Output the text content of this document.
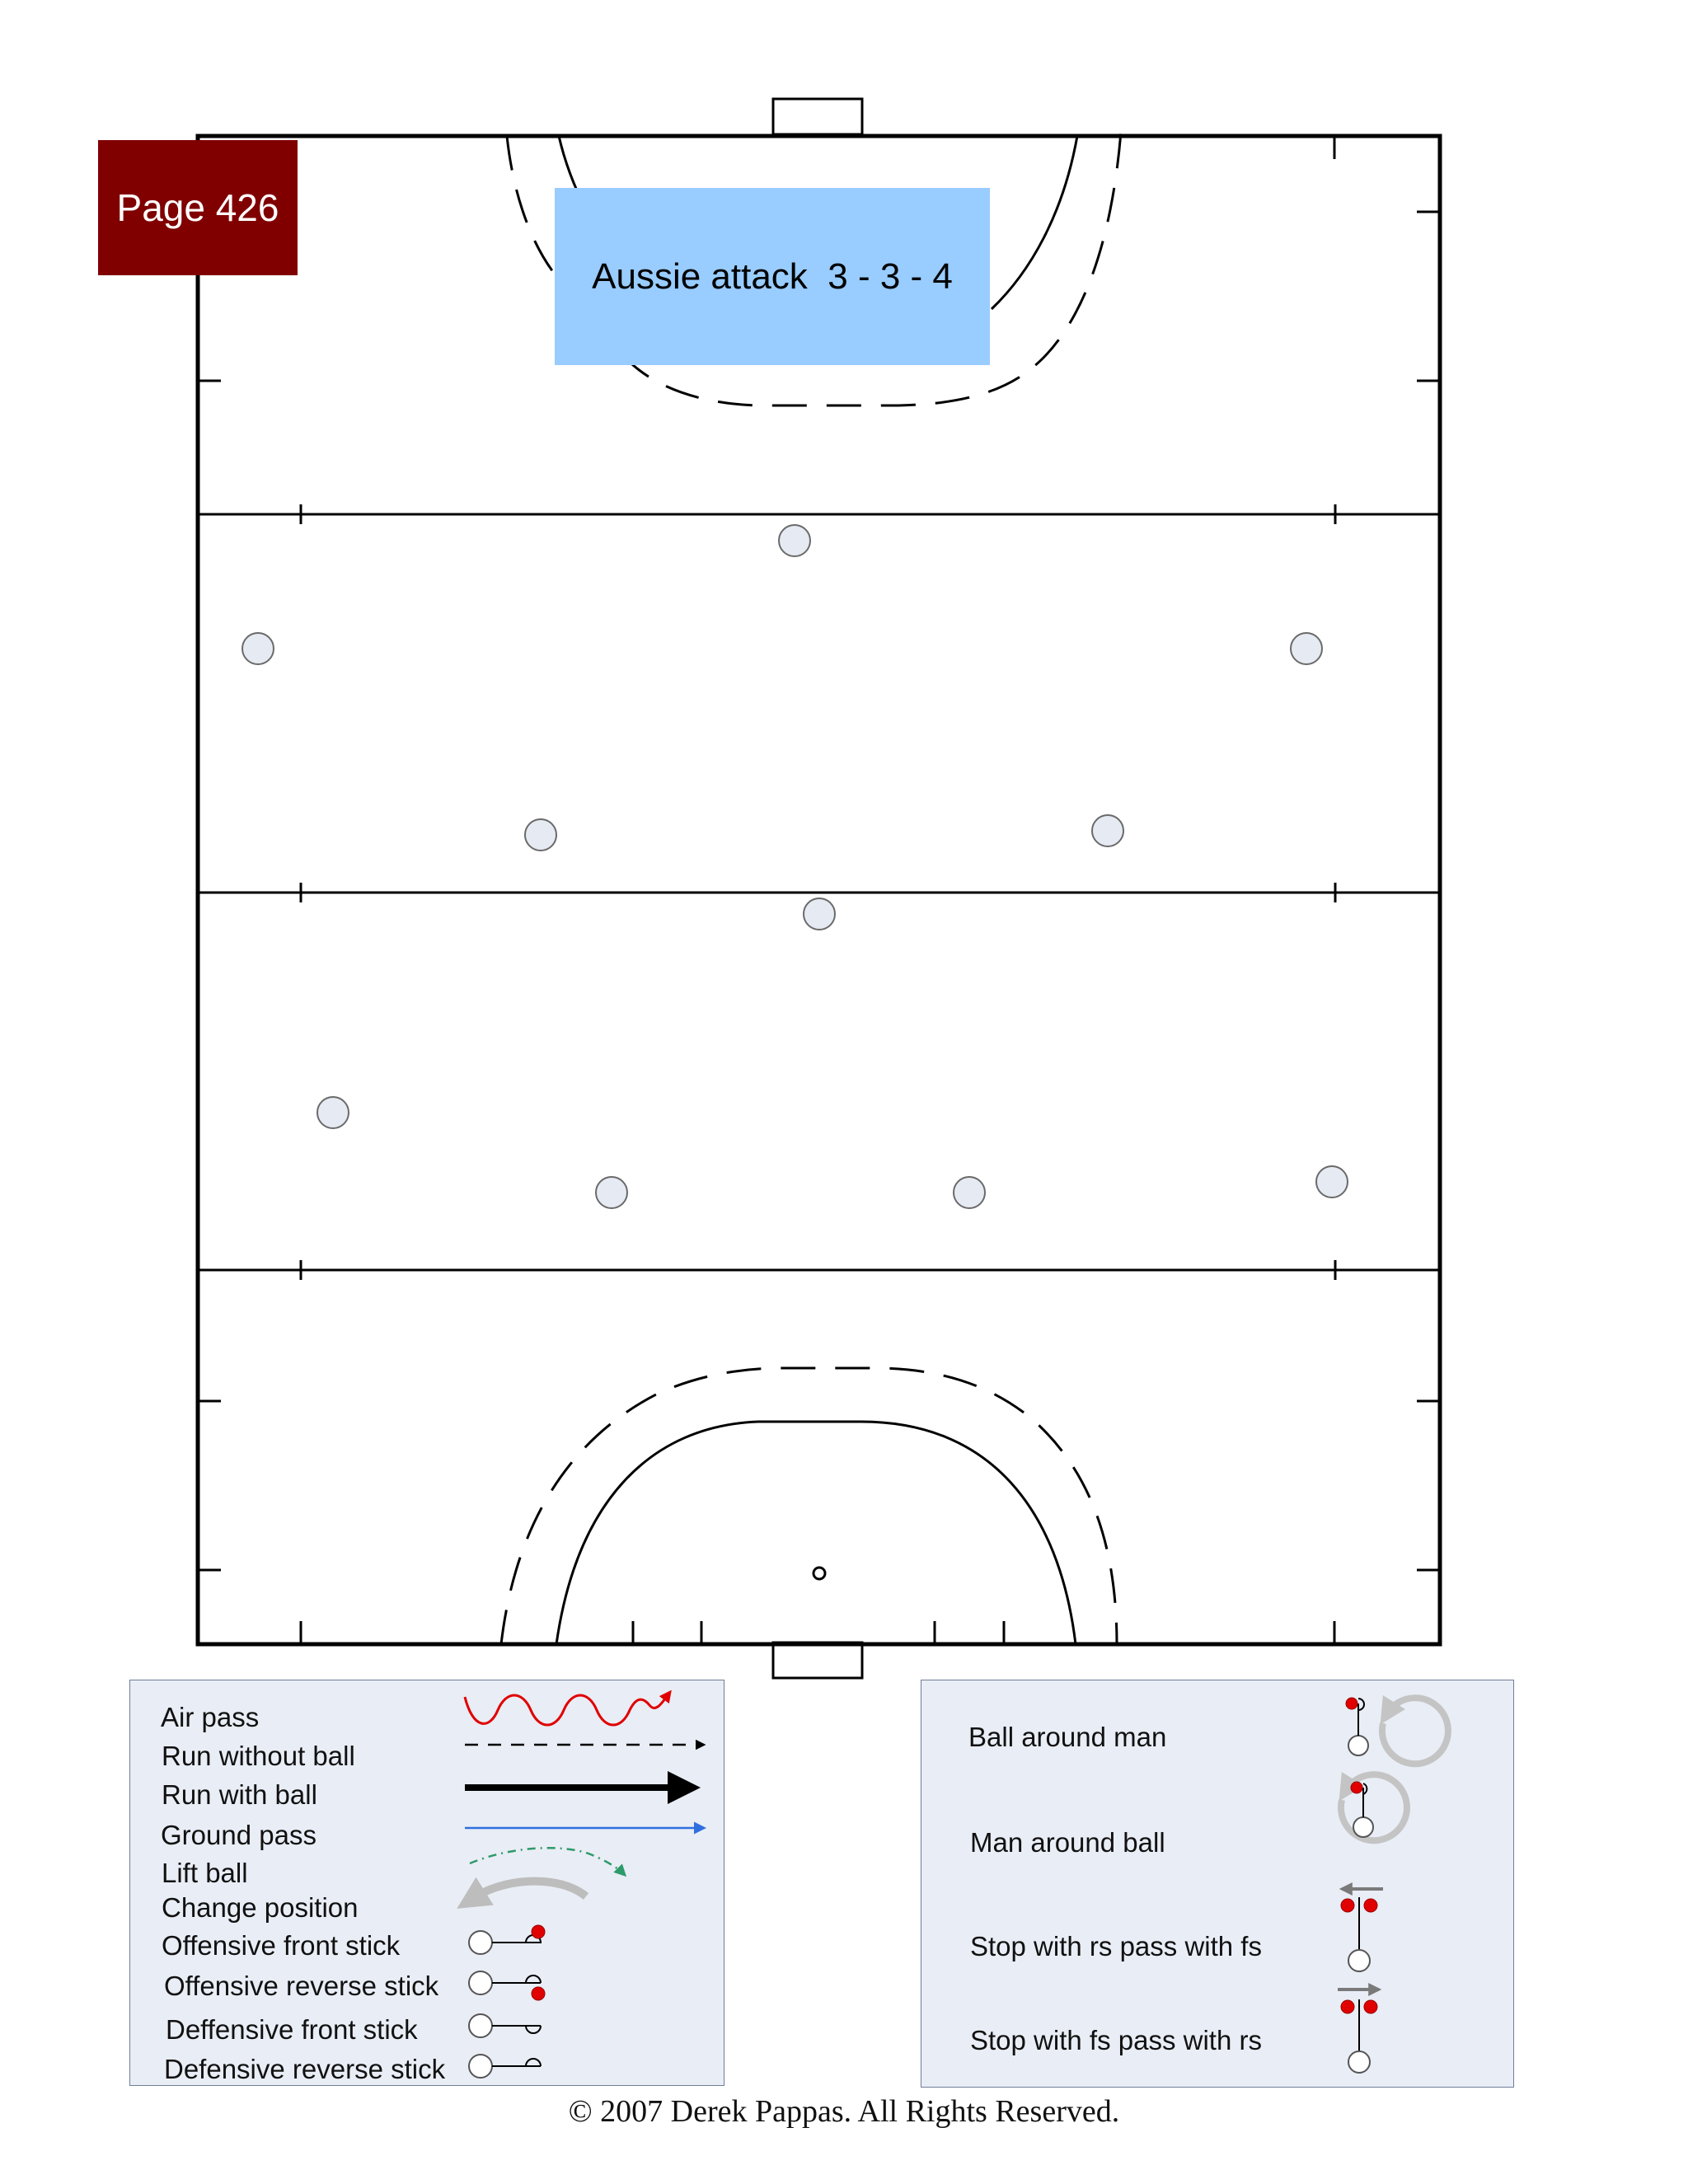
Page 426
Aussie attack  3 - 3 - 4
Air pass
Run without ball
Run with ball
Ground pass
Lift ball
Change position
Offensive front stick
Offensive reverse stick
Deffensive front stick
Defensive reverse stick
Ball around man
Man around ball
Stop with rs pass with fs
Stop with fs pass with rs
© 2007 Derek Pappas. All Rights Reserved.
